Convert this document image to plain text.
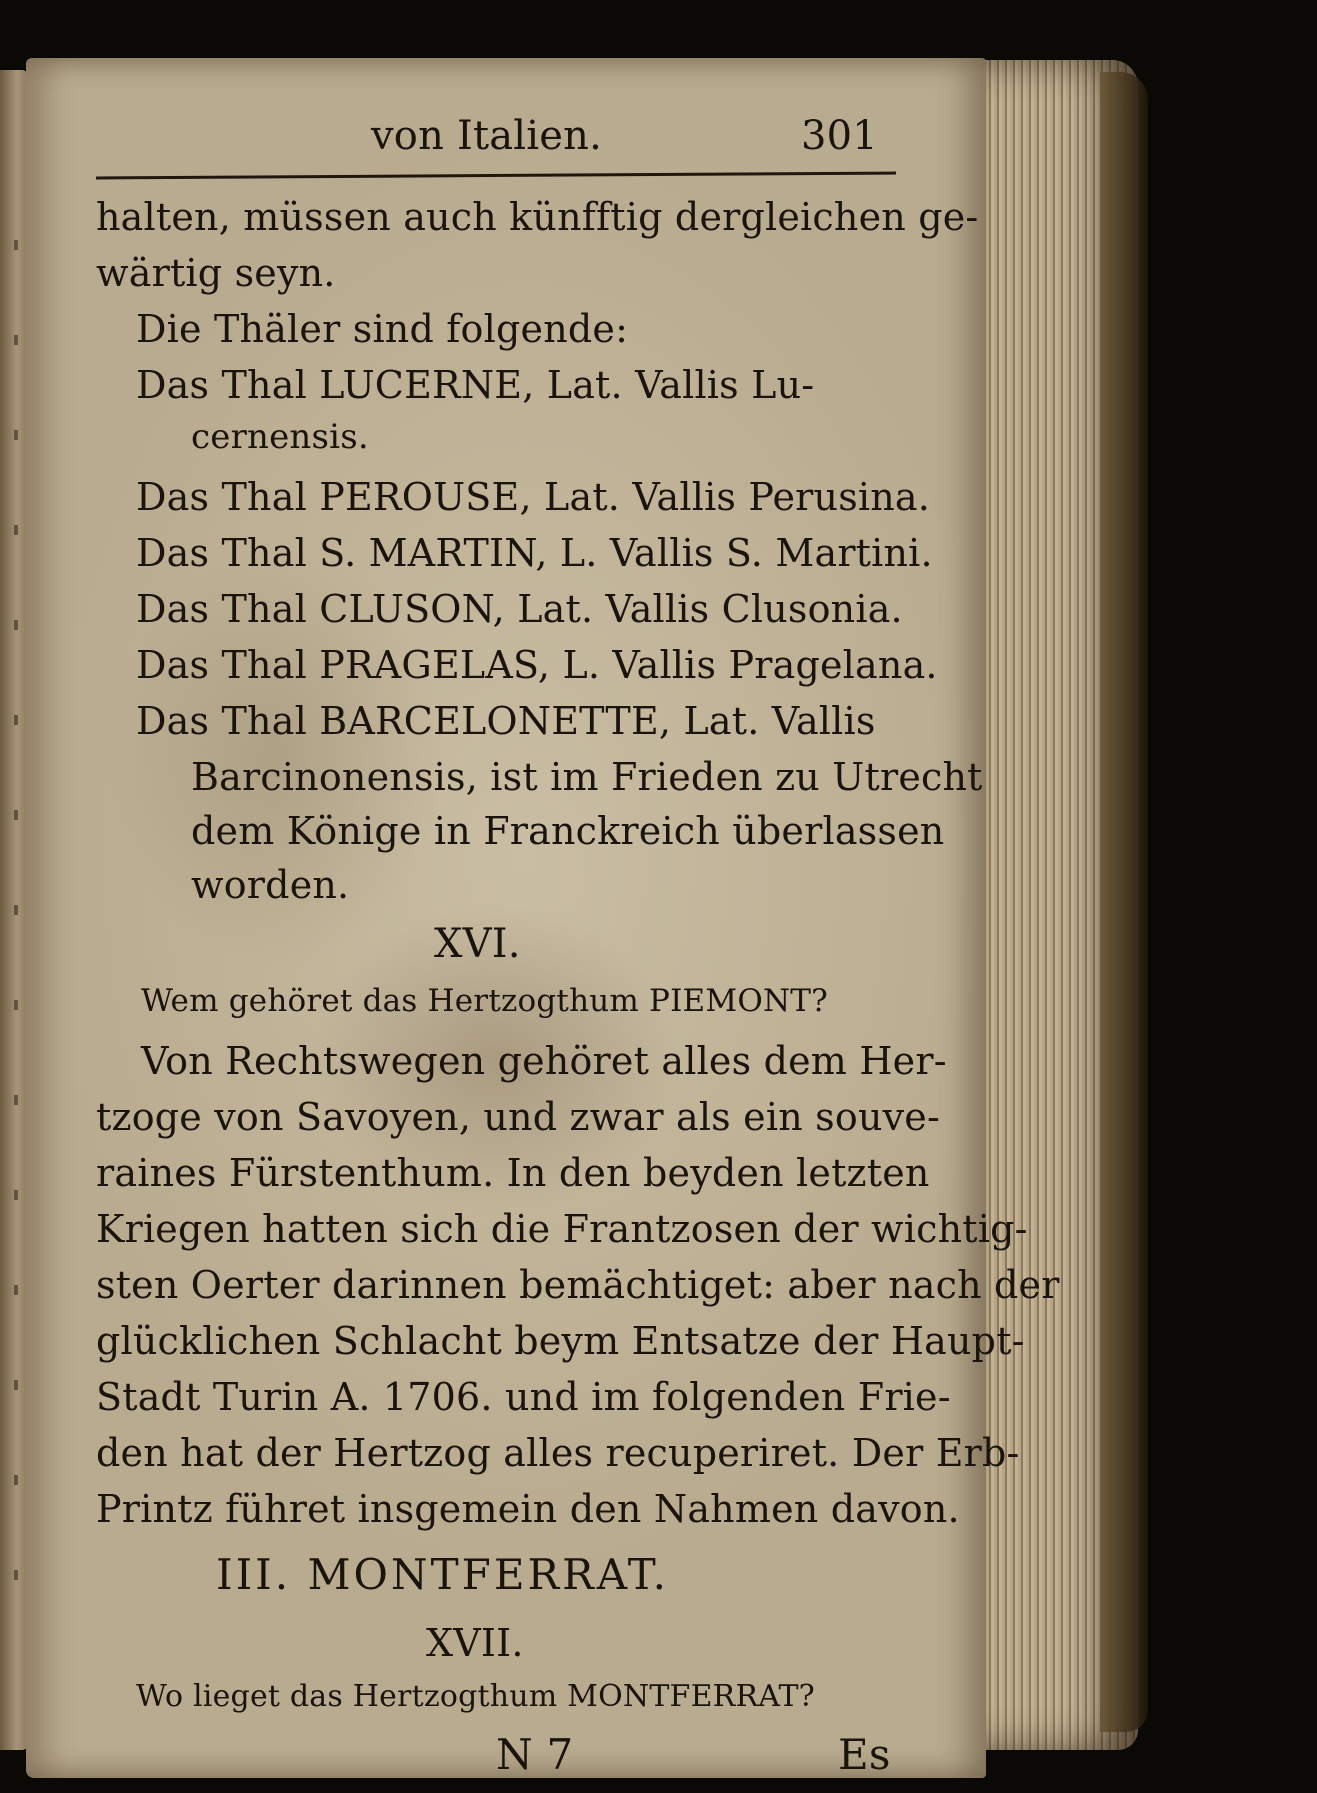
von Italien.	301
halten, müssen auch künfftig dergleichen ge-
wärtig seyn.
Die Thäler sind folgende:
Das Thal LUCERNE, Lat. Vallis Lu-
cernensis.
Das Thal PEROUSE, Lat. Vallis Perusina.
Das Thal S. MARTIN, L. Vallis S. Martini.
Das Thal CLUSON, Lat. Vallis Clusonia.
Das Thal PRAGELAS, L. Vallis Pragelana.
Das Thal BARCELONETTE, Lat. Vallis
Barcinonensis, ist im Frieden zu Utrecht
dem Könige in Franckreich überlassen
worden.
XVI.
Wem gehöret das Hertzogthum PIEMONT?
Von Rechtswegen gehöret alles dem Her-
tzoge von Savoyen, und zwar als ein souve-
raines Fürstenthum. In den beyden letzten
Kriegen hatten sich die Frantzosen der wichtig-
sten Oerter darinnen bemächtiget: aber nach der
glücklichen Schlacht beym Entsatze der Haupt-
Stadt Turin A. 1706. und im folgenden Frie-
den hat der Hertzog alles recuperiret. Der Erb-
Printz führet insgemein den Nahmen davon.
III. MONTFERRAT.
XVII.
Wo lieget das Hertzogthum MONTFERRAT?
N 7	Es
